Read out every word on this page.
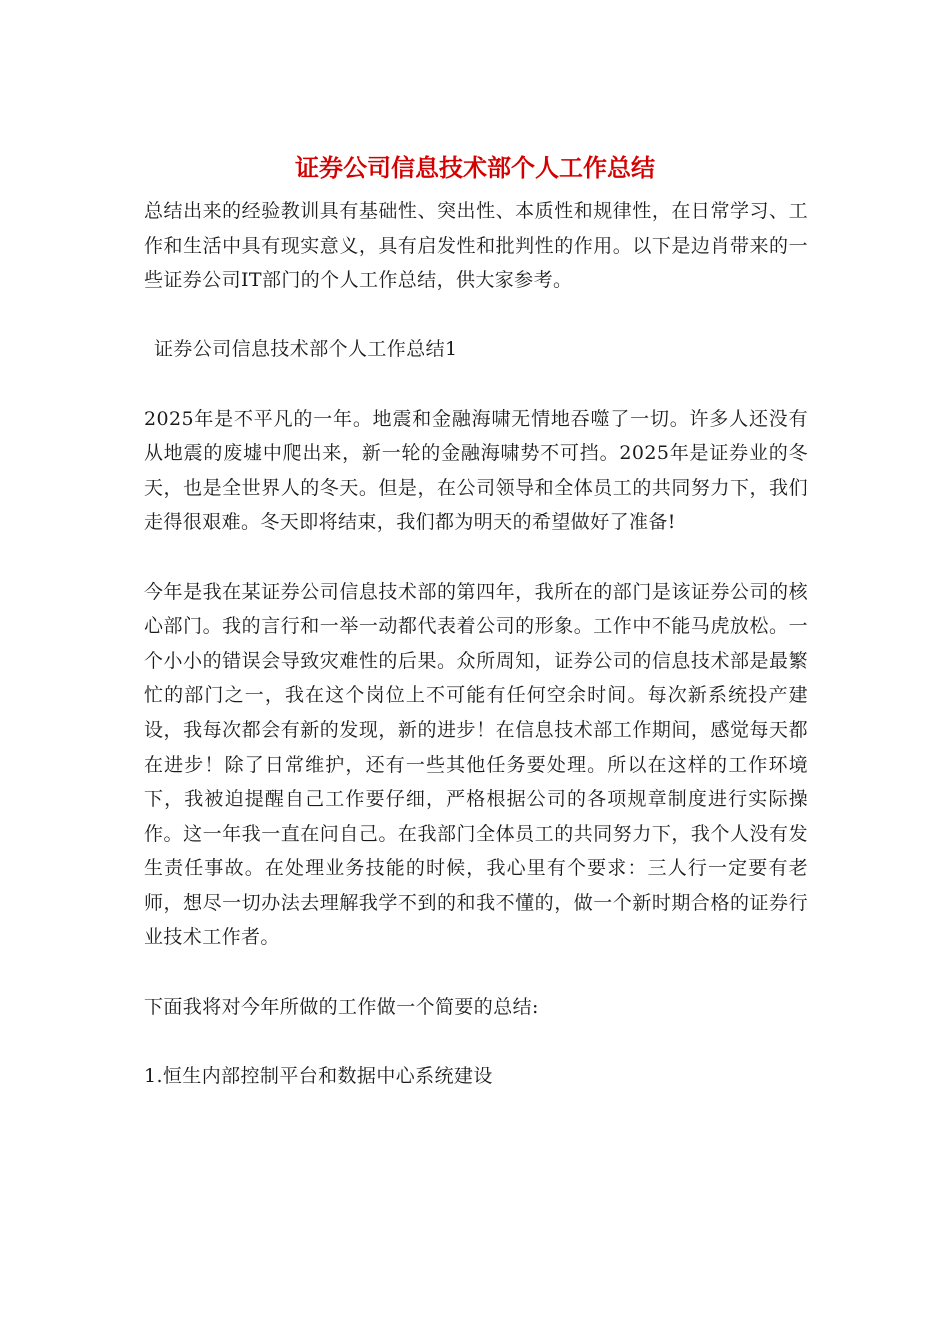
证券公司信息技术部个人工作总结

总结出来的经验教训具有基础性、突出性、本质性和规律性，在日常学习、工作和生活中具有现实意义，具有启发性和批判性的作用。以下是边肖带来的一些证券公司IT部门的个人工作总结，供大家参考。

证券公司信息技术部个人工作总结1

2025年是不平凡的一年。地震和金融海啸无情地吞噬了一切。许多人还没有从地震的废墟中爬出来，新一轮的金融海啸势不可挡。2025年是证券业的冬天，也是全世界人的冬天。但是，在公司领导和全体员工的共同努力下，我们走得很艰难。冬天即将结束，我们都为明天的希望做好了准备!

今年是我在某证券公司信息技术部的第四年，我所在的部门是该证券公司的核心部门。我的言行和一举一动都代表着公司的形象。工作中不能马虎放松。一个小小的错误会导致灾难性的后果。众所周知，证券公司的信息技术部是最繁忙的部门之一，我在这个岗位上不可能有任何空余时间。每次新系统投产建设，我每次都会有新的发现，新的进步！在信息技术部工作期间，感觉每天都在进步！除了日常维护，还有一些其他任务要处理。所以在这样的工作环境下，我被迫提醒自己工作要仔细，严格根据公司的各项规章制度进行实际操作。这一年我一直在问自己。在我部门全体员工的共同努力下，我个人没有发生责任事故。在处理业务技能的时候，我心里有个要求：三人行一定要有老师，想尽一切办法去理解我学不到的和我不懂的，做一个新时期合格的证券行业技术工作者。

下面我将对今年所做的工作做一个简要的总结:

1.恒生内部控制平台和数据中心系统建设
